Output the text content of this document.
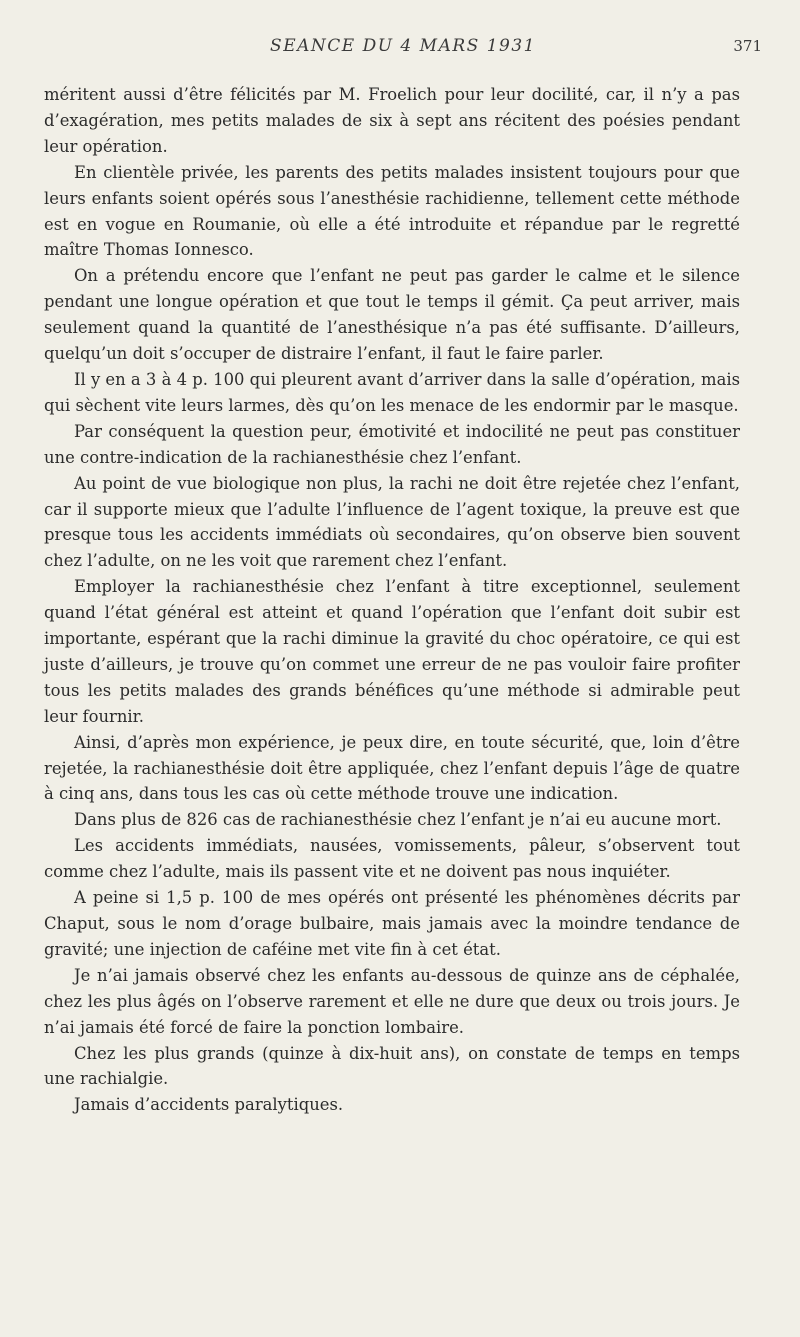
SEANCE DU 4 MARS 1931	371

méritent aussi d’être félicités par M. Froelich pour leur docilité, car, il n’y a pas d’exagération, mes petits malades de six à sept ans récitent des poésies pendant leur opération.

En clientèle privée, les parents des petits malades insistent toujours pour que leurs enfants soient opérés sous l’anesthésie rachidienne, tellement cette méthode est en vogue en Roumanie, où elle a été introduite et répandue par le regretté maître Thomas Ionnesco.

On a prétendu encore que l’enfant ne peut pas garder le calme et le silence pendant une longue opération et que tout le temps il gémit. Ça peut arriver, mais seulement quand la quantité de l’anesthésique n’a pas été suffisante. D’ailleurs, quelqu’un doit s’occuper de distraire l’enfant, il faut le faire parler.

Il y en a 3 à 4 p. 100 qui pleurent avant d’arriver dans la salle d’opération, mais qui sèchent vite leurs larmes, dès qu’on les menace de les endormir par le masque.

Par conséquent la question peur, émotivité et indocilité ne peut pas constituer une contre-indication de la rachianesthésie chez l’enfant.

Au point de vue biologique non plus, la rachi ne doit être rejetée chez l’enfant, car il supporte mieux que l’adulte l’influence de l’agent toxique, la preuve est que presque tous les accidents immédiats où secondaires, qu’on observe bien souvent chez l’adulte, on ne les voit que rarement chez l’enfant.

Employer la rachianesthésie chez l’enfant à titre exceptionnel, seulement quand l’état général est atteint et quand l’opération que l’enfant doit subir est importante, espérant que la rachi diminue la gravité du choc opératoire, ce qui est juste d’ailleurs, je trouve qu’on commet une erreur de ne pas vouloir faire profiter tous les petits malades des grands bénéfices qu’une méthode si admirable peut leur fournir.

Ainsi, d’après mon expérience, je peux dire, en toute sécurité, que, loin d’être rejetée, la rachianesthésie doit être appliquée, chez l’enfant depuis l’âge de quatre à cinq ans, dans tous les cas où cette méthode trouve une indication.

Dans plus de 826 cas de rachianesthésie chez l’enfant je n’ai eu aucune mort.

Les accidents immédiats, nausées, vomissements, pâleur, s’observent tout comme chez l’adulte, mais ils passent vite et ne doivent pas nous inquiéter.

A peine si 1,5 p. 100 de mes opérés ont présenté les phénomènes décrits par Chaput, sous le nom d’orage bulbaire, mais jamais avec la moindre tendance de gravité; une injection de caféine met vite fin à cet état.

Je n’ai jamais observé chez les enfants au-dessous de quinze ans de céphalée, chez les plus âgés on l’observe rarement et elle ne dure que deux ou trois jours. Je n’ai jamais été forcé de faire la ponction lombaire.

Chez les plus grands (quinze à dix-huit ans), on constate de temps en temps une rachialgie.

Jamais d’accidents paralytiques.
